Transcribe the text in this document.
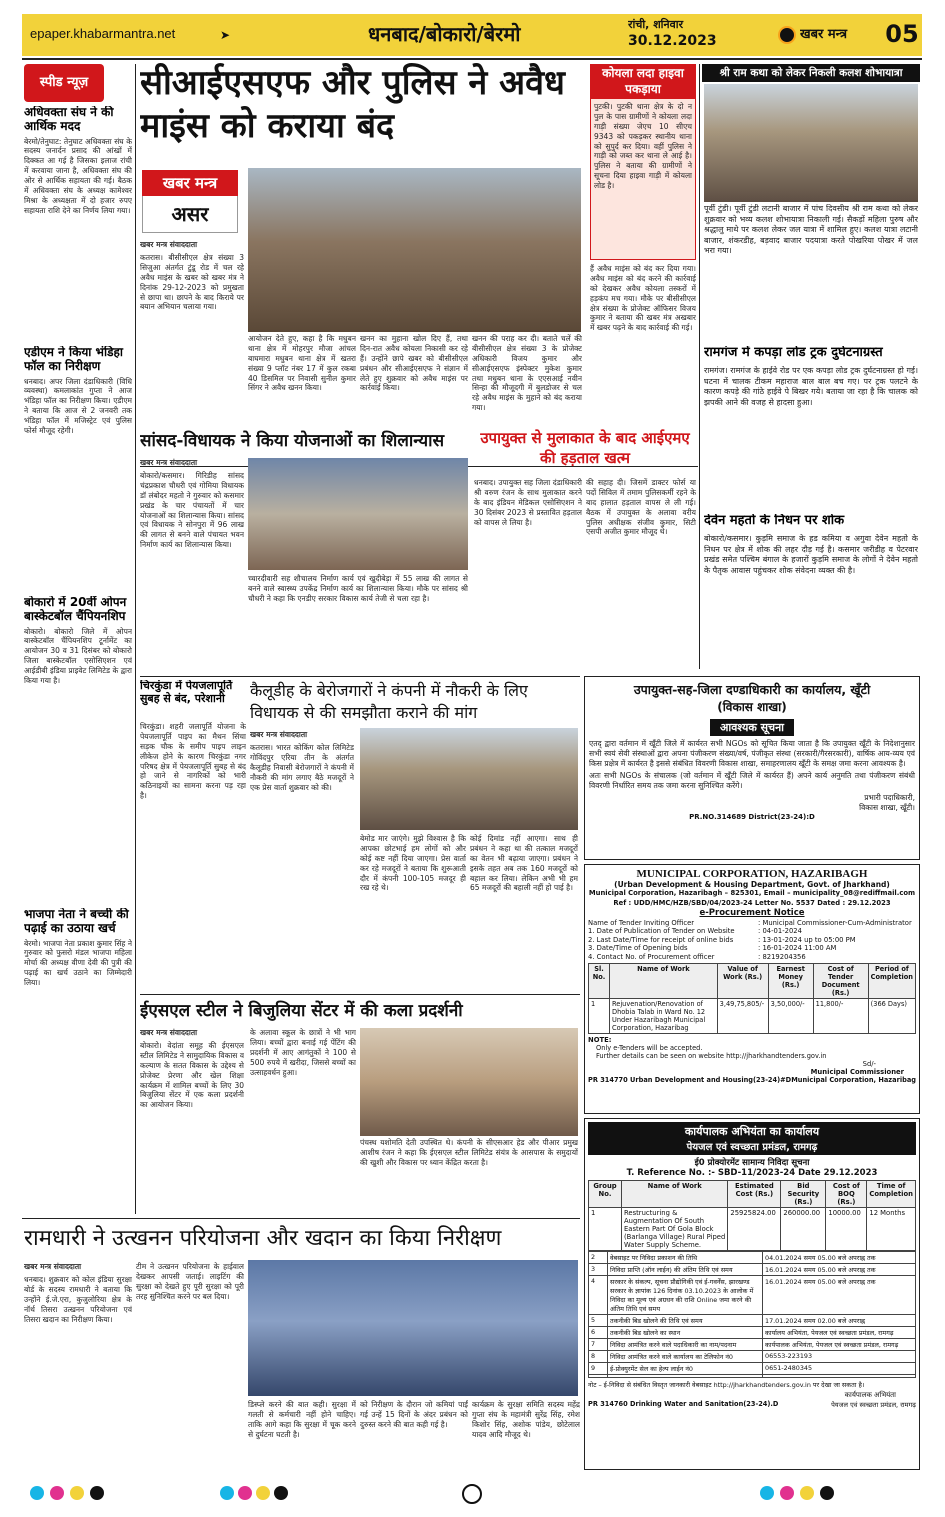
epaper.khabarmantra.net	➤	धनबाद/बोकारो/बेरमो	रांची, शनिवार
30.12.2023	खबर मन्त्र	05
स्पीड न्यूज़
अधिवक्ता संघ ने की आर्थिक मदद
बेरमो/तेनुघाट: तेनुघाट अधिवक्ता संघ के सदस्य जनार्दन प्रसाद की आंखों में दिक्कत आ गई है जिसका इलाज रांची में करवाया जाना है, अधिवक्ता संघ की ओर से आर्थिक सहायता की गई। बैठक में अधिवक्ता संघ के अध्यक्ष कामेश्वर मिश्रा के अध्यक्षता में दो हजार रुपए सहायता राशि देने का निर्णय लिया गया।
एडीएम ने किया भंडिहा फॉल का निरीक्षण
धनबाद। अपर जिला दंडाधिकारी (विधि व्यवस्था) कमलाकांत गुप्ता ने आज भंडिहा फॉल का निरीक्षण किया। एडीएम ने बताया कि आज से 2 जनवरी तक भंडिहा फॉल में मजिस्ट्रेट एवं पुलिस फोर्स मौजूद रहेगी।
बोकारो में 20वीं ओपन बास्केटबॉल चैंपियनशिप
बोकारो। बोकारो जिले में ओपन बास्केटबॉल चैंपियनशिप टूर्नामेंट का आयोजन 30 व 31 दिसंबर को बोकारो जिला बास्केटबॉल एसोसिएशन एवं आईडीबी इंडिया प्राइवेट लिमिटेड के द्वारा किया गया है।
भाजपा नेता ने बच्ची की पढ़ाई का उठाया खर्च
बेरमो। भाजपा नेता प्रकाश कुमार सिंह ने गुरुवार को फुसरो मंडल भाजपा महिला मोर्चा की अध्यक्ष वीणा देवी की पुत्री की पढ़ाई का खर्च उठाने का जिम्मेदारी लिया।
सीआईएसएफ और पुलिस ने अवैध माइंस को कराया बंद
खबर मन्त्र
असर
खबर मन्त्र संवाददाता
कतरास। बीसीसीएल क्षेत्र संख्या 3 सिजुआ अंतर्गत टुंडू रोड में चल रहे अवैध माइंस के खबर को खबर मंत्र ने दिनांक 29-12-2023 को प्रमुखता से छापा था। छापने के बाद किराये पर बयान अभियान चलाया गया।
आयोजन देते हुए, कहा है कि मधुबन थाना क्षेत्र में मोहरपुर मौजा आंचल बाघमारा मधुबन थाना क्षेत्र में खतरा संख्या 9 प्लॉट नंबर 17 में कुल रकबा 40 डिसमिल पर निवासी सुनील कुमार सिंगर ने अवैध खनन किया।
खनन का मुहाना खोल दिए हैं, तथा दिन-रात अवैध कोयला निकासी कर रहे हैं। उन्होंने छापे खबर को बीसीसीएल प्रबंधन और सीआईएसएफ ने संज्ञान में लेते हुए शुक्रवार को अवैध माइंस पर कार्रवाई किया।
खनन की पराह कर दी। बताते चलें की बीसीसीएल क्षेत्र संख्या 3 के प्रोजेक्ट अधिकारी विजय कुमार और सीआईएसएफ इंस्पेक्टर मुकेश कुमार तथा मधुबन थाना के एएसआई नवीन सिन्हा की मौजूदगी में बुलडोजर से चल रहे अवैध माइंस के मुहाने को बंद कराया गया।
कोयला लदा हाइवा पकड़ाया
पुटकी। पुटकी थाना क्षेत्र के दो न पुल के पास ग्रामीणों ने कोयला लदा गाड़ी संख्या जेएच 10 सीएच 9343 को पकड़कर स्थानीय थाना को सुपुर्द कर दिया। वहीं पुलिस ने गाड़ी को जब्त कर थाना ले आई है। पुलिस ने बताया की ग्रामीणों ने सूचना दिया हाइवा गाड़ी में कोयला लोड है।
हैं अवैध माइंस को बंद कर दिया गया। अवैध माइंस को बंद करने की कार्रवाई को देखकर अवैध कोयला तस्करों में हड़कंप मच गया। मौके पर बीसीसीएल क्षेत्र संख्या के प्रोजेक्ट ऑफिसर विजय कुमार ने बताया की खबर मंत्र अखबार में खबर पढ़ने के बाद कार्रवाई की गई।
श्री राम कथा को लेकर निकली कलश शोभायात्रा
पूर्वी टुंडी। पूर्वी टुंडी लटानी बाजार में पांच दिवसीय श्री राम कथा को लेकर शुक्रवार को भव्य कलश शोभायात्रा निकाली गई। सैकड़ों महिला पुरुष और श्रद्धालु माथे पर कलश लेकर जल यात्रा में शामिल हुए। कलश यात्रा लटानी बाजार, शंकरडीह, बड़वाद बाजार पदयात्रा करते पोखरिया पोखर में जल भरा गया।
रामगंज में कपड़ा लोड ट्रक दुर्घटनाग्रस्त
रामगंज। रामगंज के हाईवे रोड पर एक कपड़ा लोड ट्रक दुर्घटनाग्रस्त हो गई। घटना में चालक टीकम महाराज बाल बाल बच गए। पर ट्रक पलटने के कारण कपड़े की गांठे हाईवे पे बिखर गये। बताया जा रहा है कि चालक को झपकी आने की वजह से हादसा हुआ।
देवेन महतो के निधन पर शोक
बोकारो/कसमार। कुड़मि समाज के हड कमिया व अगुवा देवेन महतो के निधन पर क्षेत्र में शोक की लहर दौड़ गई है। कसमार जरीडीह व पेटरवार प्रखंड समेत पश्चिम बंगाल के हजारों कुड़मि समाज के लोगों ने देवेन महतो के पैतृक आवास पहुंचकर शोक संवेदना व्यक्त की है।
सांसद-विधायक ने किया योजनाओं का शिलान्यास
खबर मन्त्र संवाददाता
बोकारो/कसमार। गिरिडीह सांसद चंद्रप्रकाश चौधरी एवं गोमिया विधायक डॉ लंबोदर महतो ने गुरुवार को कसमार प्रखंड के चार पंचायतों में चार योजनाओं का शिलान्यास किया। सांसद एवं विधायक ने सोनपुरा में 96 लाख की लागत से बनने वाले पंचायत भवन निर्माण कार्य का शिलान्यास किया।
च्चारदीवारी सह शौचालय निर्माण कार्य एवं खुदीबेड़ा में 55 लाख की लागत से बनने वाले स्वास्थ्य उपकेंद्र निर्माण कार्य का शिलान्यास किया। मौके पर सांसद श्री चौधरी ने कहा कि एनडीए सरकार विकास कार्य तेजी से चला रहा है।
उपायुक्त से मुलाकात के बाद आईएमए की हड़ताल खत्म
धनबाद। उपायुक्त सह जिला दंडाधिकारी श्री वरुण रंजन के साथ मुलाकात करने के बाद इंडियन मेडिकल एसोसिएशन ने 30 दिसंबर 2023 से प्रस्तावित हड़ताल को वापस ले लिया है।
की सहाह दी। जिसमें डाक्टर फोर्स या पदों सिविल में तमाम पुलिसकर्मी रहने के बाद हालात हड़ताल वापस ले ली गई। बैठक में उपायुक्त के अलावा वरीय पुलिस अधीक्षक संजीव कुमार, सिटी एसपी अजीत कुमार मौजूद थे।
चिरकुंडा में पेयजलापूर्ति सुबह से बंद, परेशानी
चिरकुंडा। शहरी जलापूर्ति योजना के पेयजलापूर्ति पाइप का मैथन सिंचा सड़क चौक के समीप पाइप लाइन लीकेज होने के कारण चिरकुंडा नगर परिषद क्षेत्र में पेयजलापूर्ति सुबह से बंद हो जाने से नागरिकों को भारी कठिनाइयों का सामना करना पड़ रहा है।
कैलूडीह के बेरोजगारों ने कंपनी में नौकरी के लिए विधायक से की समझौता कराने की मांग
खबर मन्त्र संवाददाता
कतरास। भारत कोकिंग कोल लिमिटेड गोविंदपुर एरिया तीन के अंतर्गत कैलूडीह निवासी बेरोजगारों ने कंपनी में नौकरी की मांग लगाए बैठे मजदूरों ने एक प्रेस वार्ता शुक्रवार को की।
बेमोड मार जाएंगे। मुझे विश्वास है कि आपका छोटभाई हम लोगों को और कोई कष्ट नहीं दिया जाएगा। प्रेस वार्ता कर रहे मजदूरों ने बताया कि शुरूआती दौर में कंपनी 100-105 मजदूर ही रख रहे थे।
कोई दिमांड नहीं आएगा। साथ ही प्रबंधन ने कहा था की तत्काल मजदूरों का वेतन भी बढ़ाया जाएगा। प्रबंधन ने इसके तहत अब तक 160 मजदूरों को बहाल कर लिया। लेकिन अभी भी हम 65 मजदूरों की बहाली नहीं हो पाई है।
ईएसएल स्टील ने बिजुलिया सेंटर में की कला प्रदर्शनी
खबर मन्त्र संवाददाता
बोकारो। वेदांता समूह की ईएसएल स्टील लिमिटेड ने सामुदायिक विकास व कल्याण के सतत विकास के उद्देश्य से प्रोजेक्ट प्रेरणा और खेल शिक्षा कार्यक्रम में शामिल बच्चों के लिए 30 बिजुलिया सेंटर में एक कला प्रदर्शनी का आयोजन किया।
के अलावा स्कूल के छात्रों ने भी भाग लिया। बच्चों द्वारा बनाई गई पेंटिंग की प्रदर्शनी में आए आगंतुकों ने 100 से 500 रुपये में खरीदा, जिससे बच्चों का उत्साहवर्धन हुआ।
पंचस्थ यशोमति देती उपस्थित थे। कंपनी के सीएसआर हेड और पीआर प्रमुख आशीष रंजन ने कहा कि ईएसएल स्टील लिमिटेड संयंत्र के आसपास के समुदायों की खुशी और विकास पर ध्यान केंद्रित करता है।
उपायुक्त-सह-जिला दण्डाधिकारी का कार्यालय, खूँटी
(विकास शाखा)
आवश्यक सूचना
एतद् द्वारा वर्तमान में खूँटी जिले में कार्यरत सभी NGOs को सूचित किया जाता है कि उपायुक्त खूँटी के निदेशानुसार सभी स्वयं सेवी संस्थाओं द्वारा अपना पंजीकरण संख्या/वर्ष, पंजीकृत संस्था (सरकारी/गैरसरकारी), वार्षिक आय-व्यय एवं किस प्रक्षेत्र में कार्यरत है इससे संबंधित विवरणी विकास शाखा, समाहरणालय खूँटी के समक्ष जमा करना आवश्यक है।
अतः सभी NGOs के संचालक (जो वर्तमान में खूँटी जिले में कार्यरत हैं) अपने कार्य अनुमति तथा पंजीकरण संबंधी विवरणी निर्धारित समय तक जमा करना सुनिश्चित करेंगे।
प्रभारी पदाधिकारी,
विकास शाखा, खूँटी।
PR.NO.314689 District(23-24):D
MUNICIPAL CORPORATION, HAZARIBAGH
(Urban Development & Housing Department, Govt. of Jharkhand)
Municipal Corporation, Hazaribagh – 825301, Email – municipality_08@rediffmail.com
Ref : UDD/HMC/HZB/SBD/04/2023-24 Letter No. 5537 Dated : 29.12.2023
e-Procurement Notice
Name of Tender Inviting Officer	: Municipal Commissioner-Cum-Administrator
1. Date of Publication of Tender on Website	: 04-01-2024
2. Last Date/Time for receipt of online bids	: 13-01-2024 up to 05:00 PM
3. Date/Time of Opening bids	: 16-01-2024 11:00 AM
4. Contact No. of Procurement officer	: 8219204356
Sl. No.	Name of Work	Value of Work (Rs.)	Earnest Money (Rs.)	Cost of Tender Document (Rs.)	Period of Completion
1	Rejuvenation/Renovation of Dhobia Talab in Ward No. 12 Under Hazaribagh Municipal Corporation, Hazaribag	3,49,75,805/-	3,50,000/-	11,800/-	(366 Days)
NOTE:
Only e-Tenders will be accepted.
Further details can be seen on website http://jharkhandtenders.gov.in
Sd/-
Municipal Commissioner
PR 314770 Urban Development and Housing(23-24)#D Municipal Corporation, Hazaribag
कार्यपालक अभियंता का कार्यालय
पेयजल एवं स्वच्छता प्रमंडल, रामगढ़
ई0 प्रोक्योरमेंट सामान्य निविदा सूचना
T. Reference No. :- SBD-11/2023-24 Date 29.12.2023
Group No.	Name of Work	Estimated Cost (Rs.)	Bid Security (Rs.)	Cost of BOQ (Rs.)	Time of Completion
1	Restructuring & Augmentation Of South Eastern Part Of Gola Block (Barlanga Village) Rural Piped Water Supply Scheme.	25925824.00	260000.00	10000.00	12 Months
2	वेबसाइट पर निविदा प्रकाशन की तिथि	04.01.2024 समय 05.00 बजे अपराह्न तक
3	निविदा प्राप्ति (ऑन लाईन) की अंतिम तिथि एवं समय	16.01.2024 समय 05.00 बजे अपराह्न तक
4	सरकार के संकल्प, सूचना प्रौद्योगिकी एवं ई-गवर्नेंस, झारखण्ड सरकार के ज्ञापांक 126 दिनांक 03.10.2023 के आलोक में निविदा का मूल्य एवं अग्रधन की राशि Online जमा करने की अंतिम तिथि एवं समय	16.01.2024 समय 05.00 बजे अपराह्न तक
5	तकनीकी बिड खोलने की तिथि एवं समय	17.01.2024 समय 02.00 बजे अपराह्न
6	तकनीकी बिड खोलने का स्थान	कार्यालय अभियंता, पेयजल एवं स्वच्छता प्रमंडल, रामगढ़
7	निविदा आमंत्रित करने वाले पदाधिकारी का नाम/पदनाम	कार्यपालक अभियंता, पेयजल एवं स्वच्छता प्रमंडल, रामगढ़
8	निविदा आमंत्रित करने वाले कार्यालय का टेलिफोन नं0	06553-223193
9	ई-प्रोक्युरमेंट सेल का हेल्प लाईन नं0	0651-2480345

नोट – ई-निविदा से संबंधित विस्तृत जानकारी वेबसाइट http://jharkhandtenders.gov.in पर देखा जा सकता है।
कार्यपालक अभियंता
PR 314760 Drinking Water and Sanitation(23-24).D	पेयजल एवं स्वच्छता प्रमंडल, रामगढ़
रामधारी ने उत्खनन परियोजना और खदान का किया निरीक्षण
खबर मन्त्र संवाददाता
धनबाद। शुक्रवार को कोल इंडिया सुरक्षा बोर्ड के सदस्य रामधारी ने बताया कि उन्होंने ई.जे.एरा, कुजुलोरिया क्षेत्र के नॉर्थ तिसरा उत्खनन परियोजना एवं तिसरा खदान का निरीक्षण किया।
टीम ने उत्खनन परियोजना के हाईवाल देखकर आपसी जताई। लाइटिंग की सुरक्षा को देखते हुए पूरी सुरक्षा को पूरी तरह सुनिश्चित करने पर बल दिया।
डिस्प्ले करने की बात कही। सुरक्षा में गलती से कर्मचारी नहीं होने चाहिए। ताकि आगे कहा कि सुरक्षा में चूक करने से दुर्घटना घटती है।
को निरीक्षण के दौरान जो कमियां पाईं गई उन्हें 15 दिनों के अंदर प्रबंधन को दुरुस्त करने की बात कही गई है।
कार्यक्रम के सुरक्षा समिति सदस्य महेंद्र गुप्ता संघ के महामंत्री सुरेंद्र सिंह, रमेश किशोर सिंह, अशोक पांडेय, छोटेलाल यादव आदि मौजूद थे।
